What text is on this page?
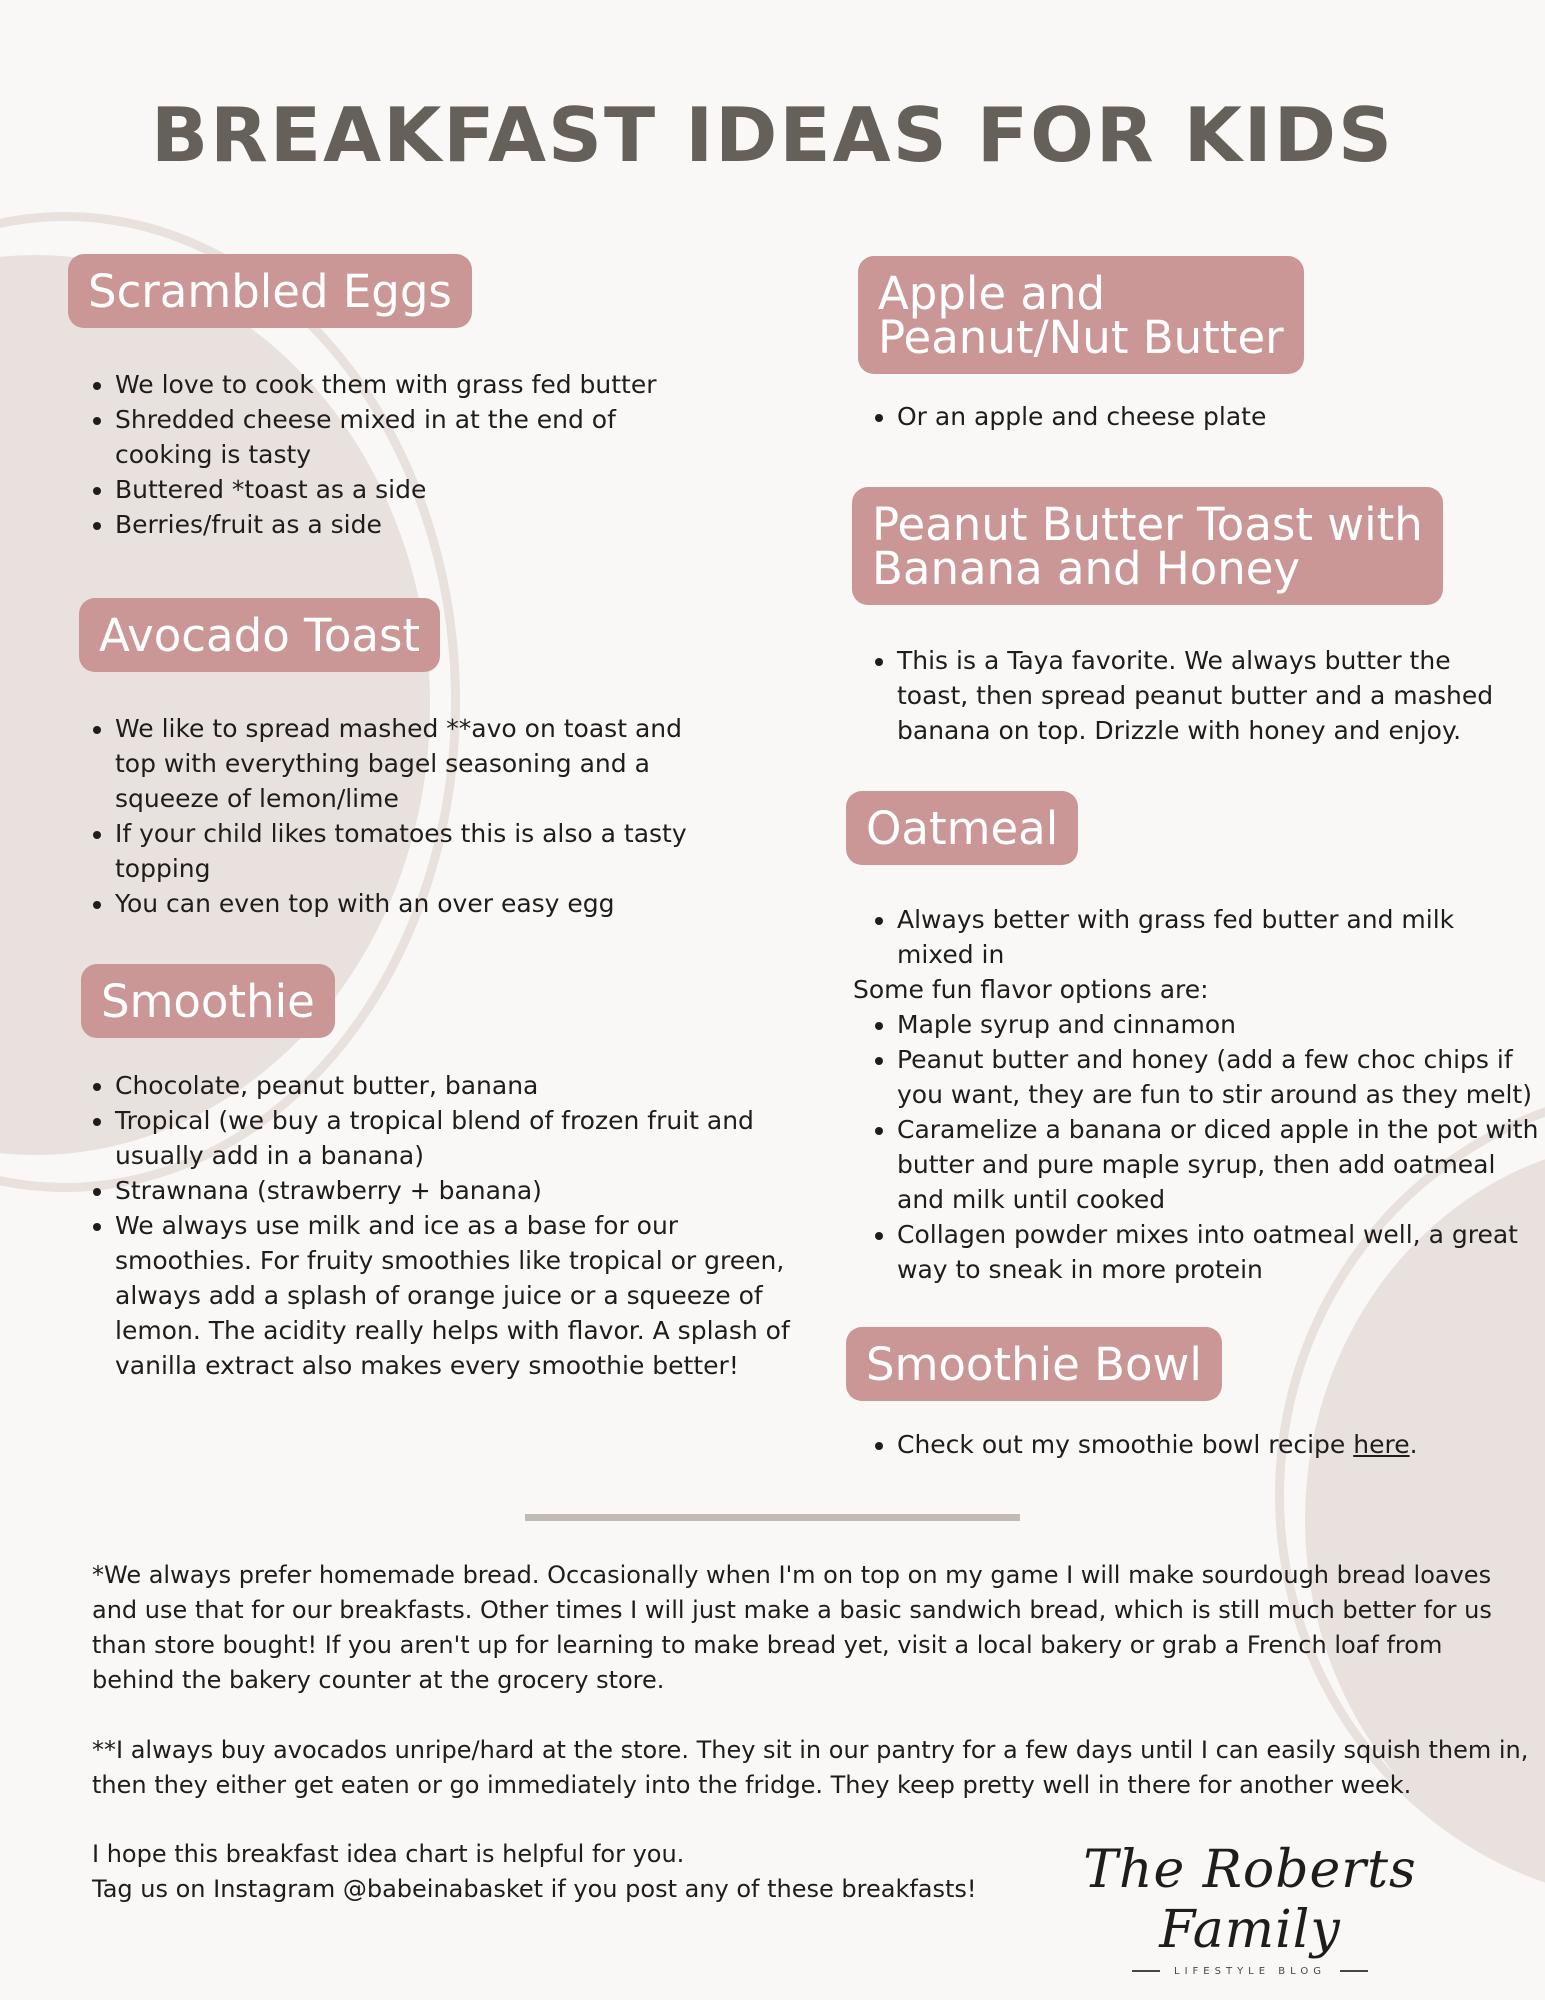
BREAKFAST IDEAS FOR KIDS
Scrambled Eggs
• We love to cook them with grass fed butter
• Shredded cheese mixed in at the end of cooking is tasty
• Buttered *toast as a side
• Berries/fruit as a side
Avocado Toast
• We like to spread mashed **avo on toast and top with everything bagel seasoning and a squeeze of lemon/lime
• If your child likes tomatoes this is also a tasty topping
• You can even top with an over easy egg
Smoothie
• Chocolate, peanut butter, banana
• Tropical (we buy a tropical blend of frozen fruit and usually add in a banana)
• Strawnana (strawberry + banana)
• We always use milk and ice as a base for our smoothies. For fruity smoothies like tropical or green, always add a splash of orange juice or a squeeze of lemon. The acidity really helps with flavor. A splash of vanilla extract also makes every smoothie better!
Apple and
Peanut/Nut Butter
• Or an apple and cheese plate
Peanut Butter Toast with
Banana and Honey
• This is a Taya favorite. We always butter the toast, then spread peanut butter and a mashed banana on top. Drizzle with honey and enjoy.
Oatmeal
• Always better with grass fed butter and milk mixed in

Some fun flavor options are:

• Maple syrup and cinnamon
• Peanut butter and honey (add a few choc chips if you want, they are fun to stir around as they melt)
• Caramelize a banana or diced apple in the pot with butter and pure maple syrup, then add oatmeal and milk until cooked
• Collagen powder mixes into oatmeal well, a great way to sneak in more protein
Smoothie Bowl
• Check out my smoothie bowl recipe here.

*We always prefer homemade bread. Occasionally when I'm on top on my game I will make sourdough bread loaves and use that for our breakfasts. Other times I will just make a basic sandwich bread, which is still much better for us than store bought! If you aren't up for learning to make bread yet, visit a local bakery or grab a French loaf from behind the bakery counter at the grocery store.

**I always buy avocados unripe/hard at the store. They sit in our pantry for a few days until I can easily squish them in, then they either get eaten or go immediately into the fridge. They keep pretty well in there for another week.

I hope this breakfast idea chart is helpful for you.
Tag us on Instagram @babeinabasket if you post any of these breakfasts!	The Roberts Family
LIFESTYLE BLOG
